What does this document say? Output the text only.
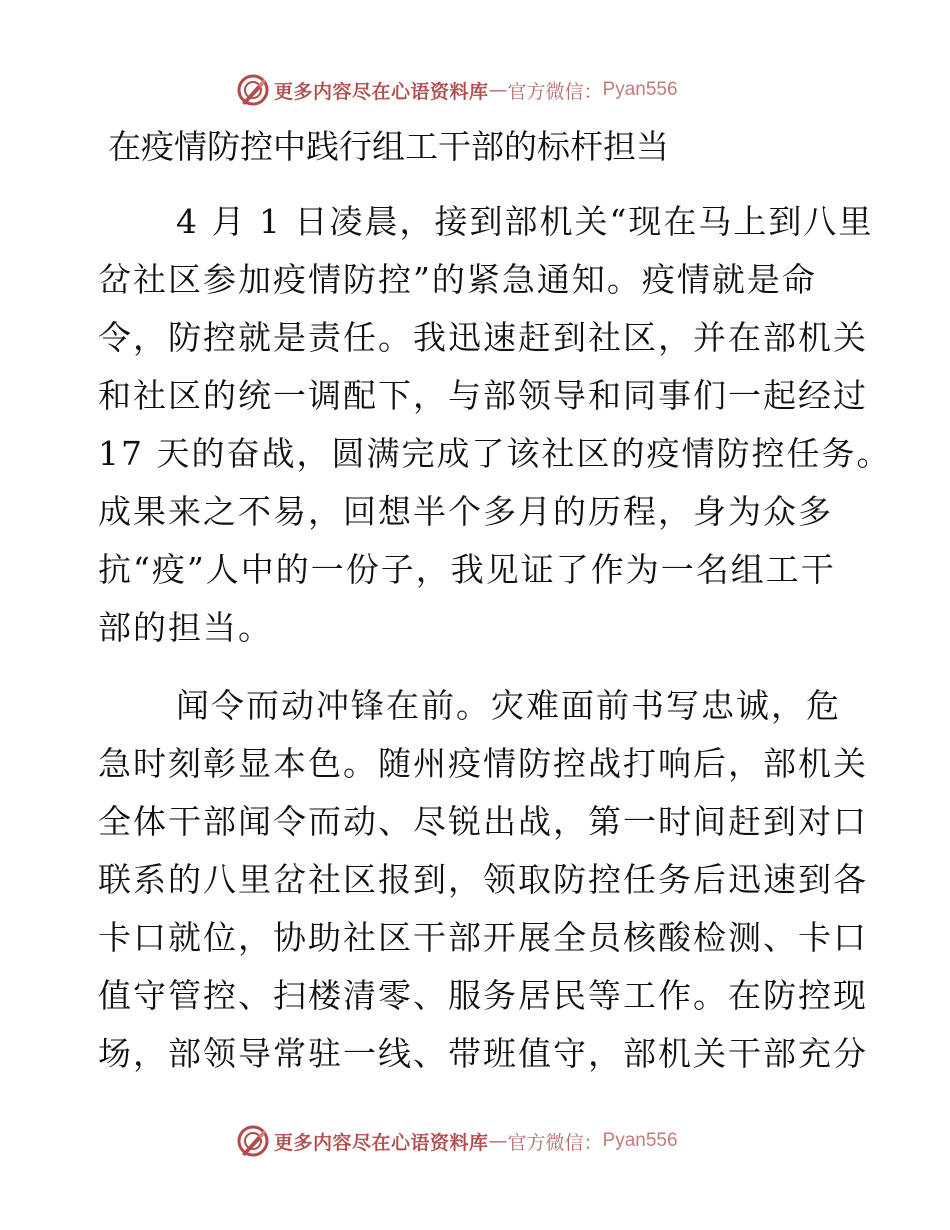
更多内容尽在心语资料库 — 官方微信： Pyan556
在疫情防控中践行组工干部的标杆担当

4 月 1 日凌晨，接到部机关“现在马上到八里
岔社区参加疫情防控”的紧急通知。疫情就是命
令，防控就是责任。我迅速赶到社区，并在部机关
和社区的统一调配下，与部领导和同事们一起经过
17 天的奋战，圆满完成了该社区的疫情防控任务。
成果来之不易，回想半个多月的历程，身为众多
抗“疫”人中的一份子，我见证了作为一名组工干
部的担当。

闻令而动冲锋在前。灾难面前书写忠诚，危
急时刻彰显本色。随州疫情防控战打响后，部机关
全体干部闻令而动、尽锐出战，第一时间赶到对口
联系的八里岔社区报到，领取防控任务后迅速到各
卡口就位，协助社区干部开展全员核酸检测、卡口
值守管控、扫楼清零、服务居民等工作。在防控现
场，部领导常驻一线、带班值守，部机关干部充分

更多内容尽在心语资料库 — 官方微信： Pyan556
